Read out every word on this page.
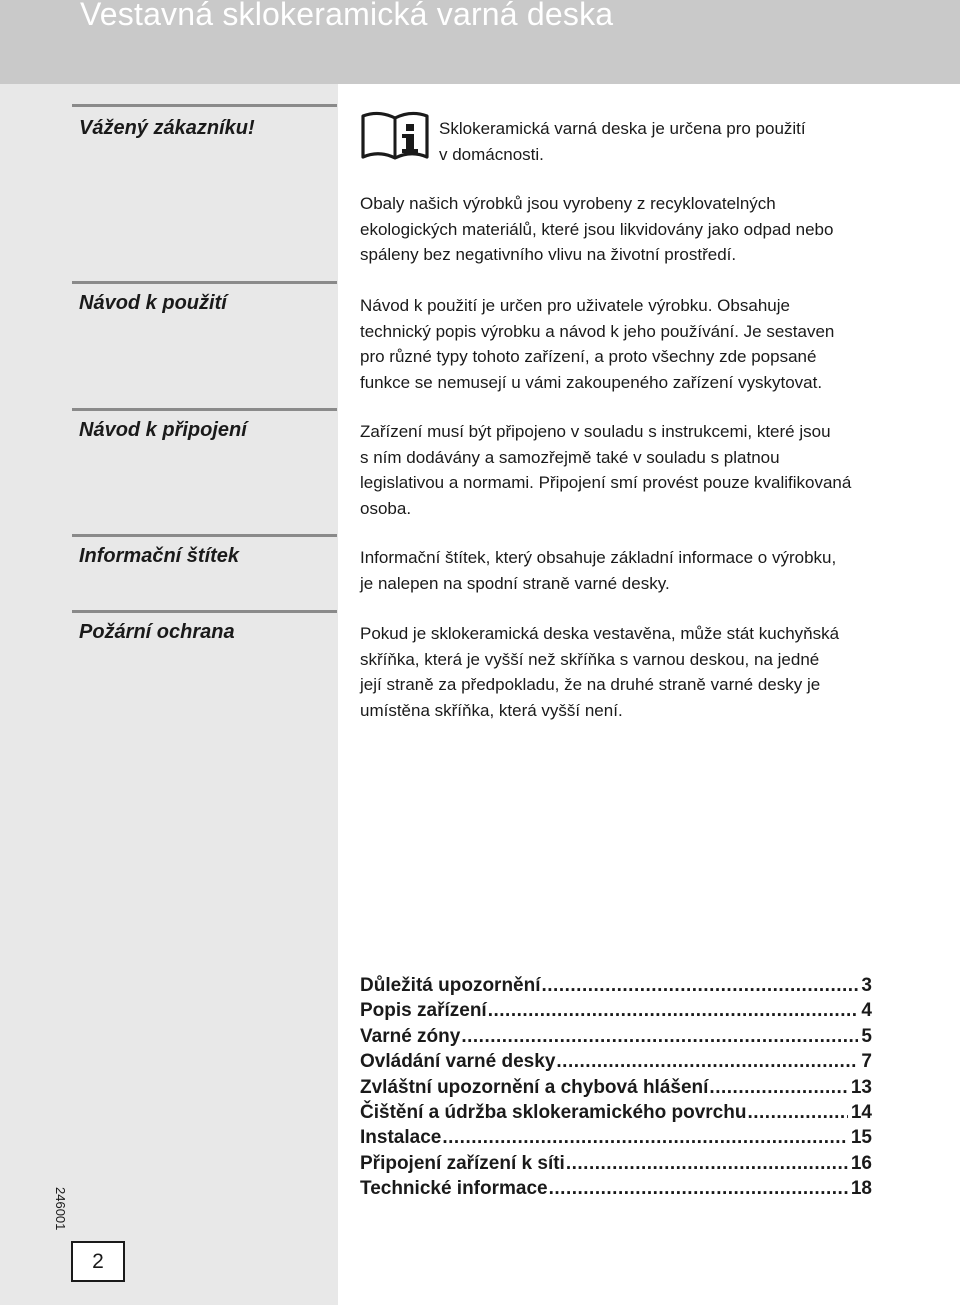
Vestavná sklokeramická varná deska
Vážený zákazníku!
Návod k použití
Návod k připojení
Informační štítek
Požární ochrana

Sklokeramická varná deska je určena pro použití
v domácnosti.

Obaly našich výrobků jsou vyrobeny z recyklovatelných
ekologických materiálů, které jsou likvidovány jako odpad nebo
spáleny bez negativního vlivu na životní prostředí.

Návod k použití je určen pro uživatele výrobku. Obsahuje
technický popis výrobku a návod k jeho používání. Je sestaven
pro různé typy tohoto zařízení, a proto všechny zde popsané
funkce se nemusejí u vámi zakoupeného zařízení vyskytovat.

Zařízení musí být připojeno v souladu s instrukcemi, které jsou
s ním dodávány a samozřejmě také v souladu s platnou
legislativou a normami. Připojení smí provést pouze kvalifikovaná
osoba.

Informační štítek, který obsahuje základní informace o výrobku,
je nalepen na spodní straně varné desky.

Pokud je sklokeramická deska vestavěna, může stát kuchyňská
skříňka, která je vyšší než skříňka s varnou deskou, na jedné
její straně za předpokladu, že na druhé straně varné desky je
umístěna skříňka, která vyšší není.

Důležitá upozornění .....	3
Popis zařízení .....	4
Varné zóny .....	5
Ovládání varné desky .....	7
Zvláštní upozornění a chybová hlášení .....	13
Čištění a údržba sklokeramického povrchu .....	14
Instalace .....	15
Připojení zařízení k síti .....	16
Technické informace .....	18
246001
2
